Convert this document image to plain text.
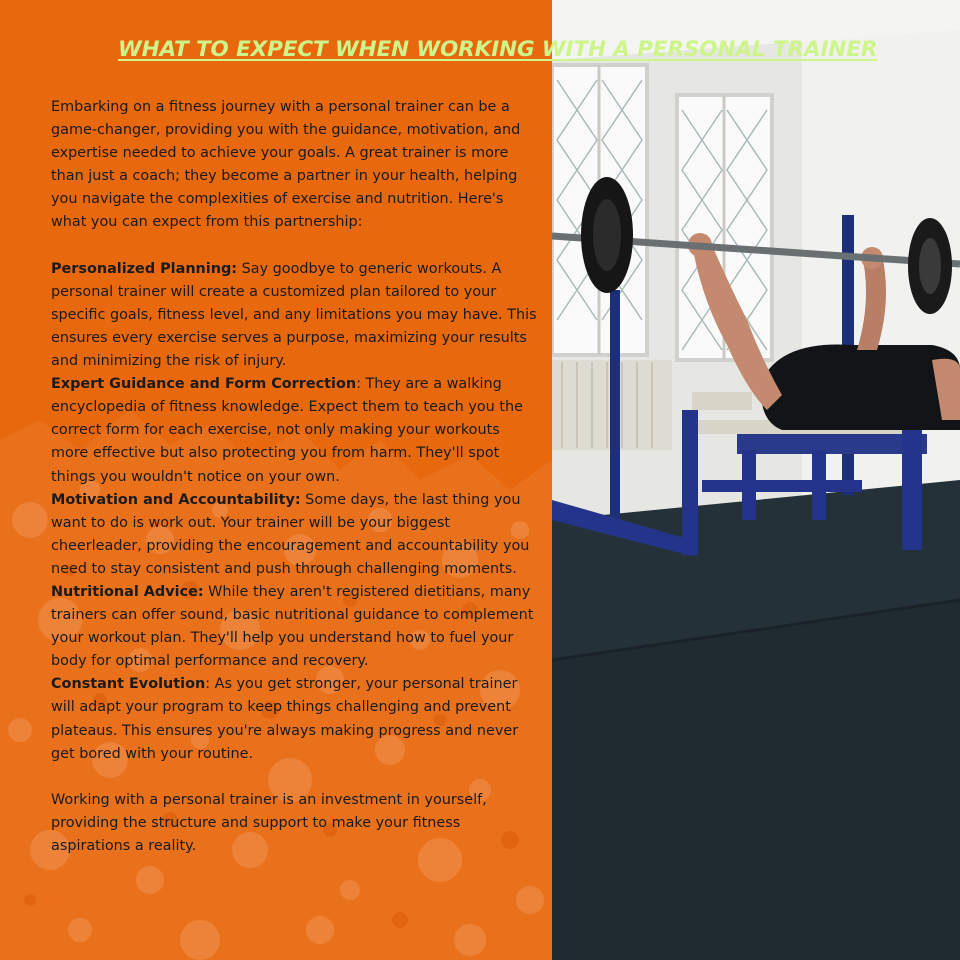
WHAT TO EXPECT WHEN WORKING WITH A PERSONAL TRAINER

Embarking on a fitness journey with a personal trainer can be a game-changer, providing you with the guidance, motivation, and expertise needed to achieve your goals. A great trainer is more than just a coach; they become a partner in your health, helping you navigate the complexities of exercise and nutrition. Here's what you can expect from this partnership:

Personalized Planning: Say goodbye to generic workouts. A personal trainer will create a customized plan tailored to your specific goals, fitness level, and any limitations you may have. This ensures every exercise serves a purpose, maximizing your results and minimizing the risk of injury.

Expert Guidance and Form Correction: They are a walking encyclopedia of fitness knowledge. Expect them to teach you the correct form for each exercise, not only making your workouts more effective but also protecting you from harm. They'll spot things you wouldn't notice on your own.

Motivation and Accountability: Some days, the last thing you want to do is work out. Your trainer will be your biggest cheerleader, providing the encouragement and accountability you need to stay consistent and push through challenging moments.

Nutritional Advice: While they aren't registered dietitians, many trainers can offer sound, basic nutritional guidance to complement your workout plan. They'll help you understand how to fuel your body for optimal performance and recovery.

Constant Evolution: As you get stronger, your personal trainer will adapt your program to keep things challenging and prevent plateaus. This ensures you're always making progress and never get bored with your routine.

Working with a personal trainer is an investment in yourself, providing the structure and support to make your fitness aspirations a reality.
